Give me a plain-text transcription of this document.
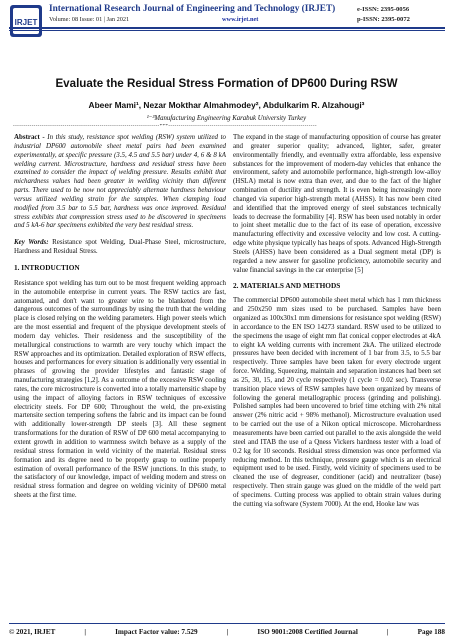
IRJET
International Research Journal of Engineering and Technology (IRJET)
Volume: 08 Issue: 01 | Jan 2021	www.irjet.net
e-ISSN: 2395-0056
p-ISSN: 2395-0072
Evaluate the Residual Stress Formation of DP600 During RSW
Abeer Mami¹, Nezar Mokthar Almahmodey², Abdulkarim R. Alzahougi³
¹⁻³Manufacturing Engineering Karabuk University Turkey
-----------------------------------------------------------------------***------------------------------------------------------------------------

Abstract - In this study, resistance spot welding (RSW) system utilized to industrial DP600 automobile sheet metal pairs had been examined experimentally, at specific pressure (3.5, 4.5 and 5.5 bar) under 4, 6 & 8 kA welding current. Microstructure, hardness and residual stress have been examined to consider the impact of welding pressure. Results exhibit that michardness values had been greater in welding vicinity than different parts. There used to be now not appreciably alternate hardness behaviour versus utilized welding strain for the samples. When clamping load modified from 3.5 bar to 5.5 bar, hardness was once improved. Residual stress exhibits that compression stress used to be discovered in specimens and 5 kA-6 bar specimens exhibited the very best residual stress.

Key Words: Resistance spot Welding, Dual-Phase Steel, microstructure, Hardness and Residual Stress.

1. INTRODUCTION

Resistance spot welding has turn out to be most frequent welding approach in the automobile enterprise in current years. The RSW tactics are fast, automated, and don't want to greater wire to be blanketed from the dangerous outcomes of the surroundings by using the truth that the welding place is closed relying on the welding parameters. High power steels which are the most essential and frequent of the physique development steels of modern day vehicles. Their resideness and the susceptibility of the metallurgical constructions to warmth are very touchy which impact the RSW approaches and its optimization. Detailed exploration of RSW effects, houses and performances for every situation is additionally very essential in phrases of growing the provider lifestyles and fantastic stage of manufacturing strategies [1,2]. As a outcome of the excessive RSW cooling rates, the core microstructure is converted into a totally martensitic shape by using the impact of alloying factors in RSW techniques of excessive electricity steels. For DP 600; Throughout the weld, the pre-existing martensite section tempering softens the fabric and its impact can be found with additionally lower-strength DP steels [3]. All these segment transformations for the duration of RSW of DP 600 metal accompanying to extent growth in addition to warmness switch behave as a supply of the residual stress formation in weld vicinity of the material. Residual stress formation and its degree need to be properly grasp to outline properly estimation of overall performance of the RSW junctions. In this study, to the satisfactory of our knowledge, impact of welding modern and stress on residual stress formation and degree on welding vicinity of DP600 metal sheets at the first time.

The expand in the stage of manufacturing opposition of course has greater and greater superior quality; advanced, lighter, safer, greater environmentally friendly, and eventually extra affordable, less expensive substances for the improvement of modern-day vehicles that enhance the environment, safety and automobile performance, high-strength low-alloy (HSLA) metal is now extra than ever, and due to the fact of the higher combination of ductility and strength. It is even being increasingly more changed via superior high-strength metal (AHSS). It has now been cited and identified that the improved energy of steel substances technically leads to decrease the formability [4]. RSW has been used notably in order to joint sheet metallic due to the fact of its ease of operation, excessive manufacturing effectivity and excessive velocity and low cost. A cutting-edge white physique typically has heaps of spots. Advanced High-Strength Steels (AHSS) have been considered as a Dual segment metal (DP) is regarded a new answer for gasoline proficiency, automobile security and value financial savings in the car enterprise [5]

2. MATERIALS AND METHODS

The commercial DP600 automobile sheet metal which has 1 mm thickness and 250x250 mm sizes used to be purchased. Samples have been organized as 100x30x1 mm dimensions for resistance spot welding (RSW) in accordance to the EN ISO 14273 standard. RSW used to be utilized to the specimens the usage of eight mm flat conical copper electrodes at 4kA to eight kA welding currents with increment 2kA. The utilized electrode pressures have been decided with increment of 1 bar from 3.5, to 5.5 bar respectively. Three samples have been taken for every electrode urgent force. Welding, Squeezing, maintain and separation instances had been set as 25, 30, 15, and 20 cycle respectively (1 cycle = 0.02 sec). Transverse transition place views of RSW samples have been organized by means of following the general metallographic process (grinding and polishing). Polished samples had been uncovered to brief time etching with 2% nital answer (2% nitric acid + 98% methanol). Microstructure evaluation used to be carried out the use of a Nikon optical microscope. Microhardness measurements have been carried out parallel to the axis alongside the weld steel and ITAB the use of a Qness Vickers hardness tester with a load of 0.2 kg for 10 seconds. Residual stress dimension was once performed via reducing method. In this technique, pressure gauge which is an electrical equipment used to be used. Firstly, weld vicinity of specimens used to be cleaned the use of degreaser, conditioner (acid) and neutralizer (base) respectively. Then strain gauge was glued on the middle of the weld part of specimens. Cutting process was applied to obtain strain values during the cutting via software (System 7000). At the end, Hooke law was

© 2021, IRJET	|	Impact Factor value: 7.529	|	ISO 9001:2008 Certified Journal	|	Page 188
